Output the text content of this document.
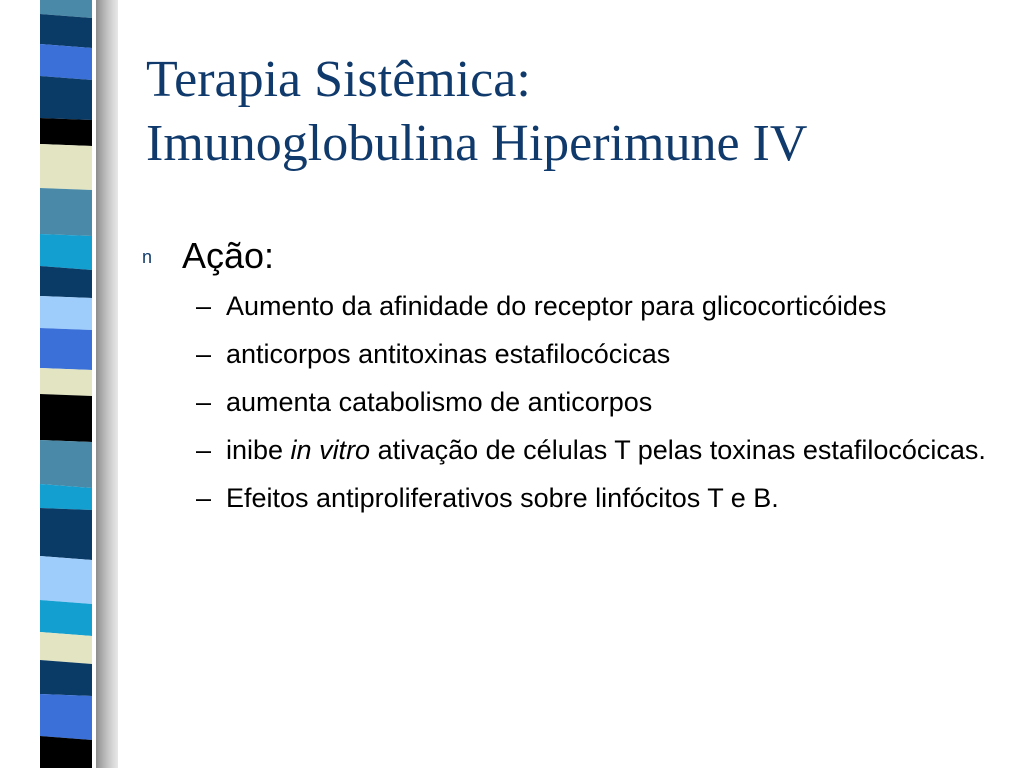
Terapia Sistêmica:
Imunoglobulina Hiperimune IV
n Ação:
– Aumento da afinidade do receptor para glicocorticóides
– anticorpos antitoxinas estafilocócicas
– aumenta catabolismo de anticorpos
– inibe in vitro ativação de células T pelas toxinas estafilocócicas.
– Efeitos antiproliferativos sobre linfócitos T e B.
